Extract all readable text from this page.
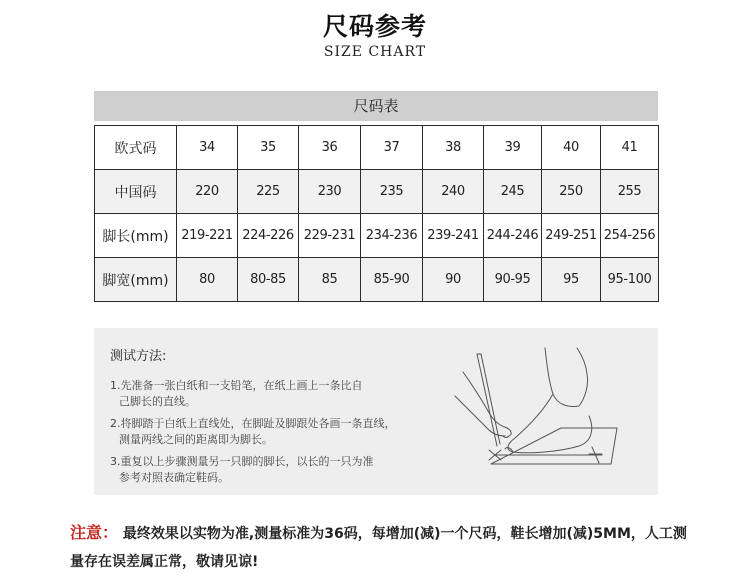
尺码参考
SIZE CHART
尺码表
欧式码	34	35	36	37	38	39	40	41
中国码	220	225	230	235	240	245	250	255
脚长(mm)	219-221	224-226	229-231	234-236	239-241	244-246	249-251	254-256
脚宽(mm)	80	80-85	85	85-90	90	90-95	95	95-100
测试方法:
1.先准备一张白纸和一支铅笔，在纸上画上一条比自
己脚长的直线。
2.将脚踏于白纸上直线处，在脚趾及脚跟处各画一条直线，
测量两线之间的距离即为脚长。
3.重复以上步骤测量另一只脚的脚长，以长的一只为准
参考对照表确定鞋码。
注意： 最终效果以实物为准,测量标准为36码，每增加(减)一个尺码，鞋长增加(减)5MM，人工测量存在误差属正常，敬请见谅!
